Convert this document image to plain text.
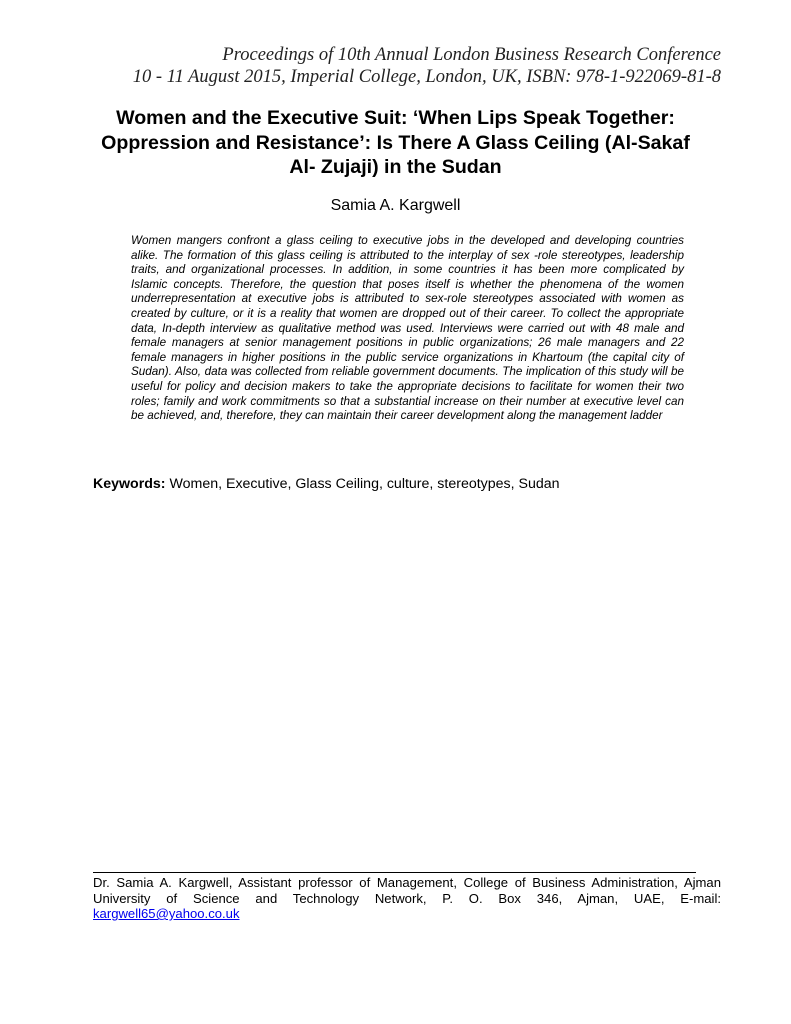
Proceedings of 10th Annual London Business Research Conference
10 - 11 August 2015, Imperial College, London, UK, ISBN: 978-1-922069-81-8
Women and the Executive Suit: ‘When Lips Speak Together: Oppression and Resistance’: Is There A Glass Ceiling (Al-Sakaf Al- Zujaji) in the Sudan
Samia A. Kargwell

Women mangers confront a glass ceiling to executive jobs in the developed and developing countries alike. The formation of this glass ceiling is attributed to the interplay of sex -role stereotypes, leadership traits, and organizational processes. In addition, in some countries it has been more complicated by Islamic concepts. Therefore, the question that poses itself is whether the phenomena of the women underrepresentation at executive jobs is attributed to sex-role stereotypes associated with women as created by culture, or it is a reality that women are dropped out of their career. To collect the appropriate data, In-depth interview as qualitative method was used. Interviews were carried out with 48 male and female managers at senior management positions in public organizations; 26 male managers and 22 female managers in higher positions in the public service organizations in Khartoum (the capital city of Sudan). Also, data was collected from reliable government documents. The implication of this study will be useful for policy and decision makers to take the appropriate decisions to facilitate for women their two roles; family and work commitments so that a substantial increase on their number at executive level can be achieved, and, therefore, they can maintain their career development along the management ladder

Keywords: Women, Executive, Glass Ceiling, culture, stereotypes, Sudan

Dr. Samia A. Kargwell, Assistant professor of Management, College of Business Administration, Ajman University of Science and Technology Network, P. O. Box 346, Ajman, UAE, E-mail: kargwell65@yahoo.co.uk
